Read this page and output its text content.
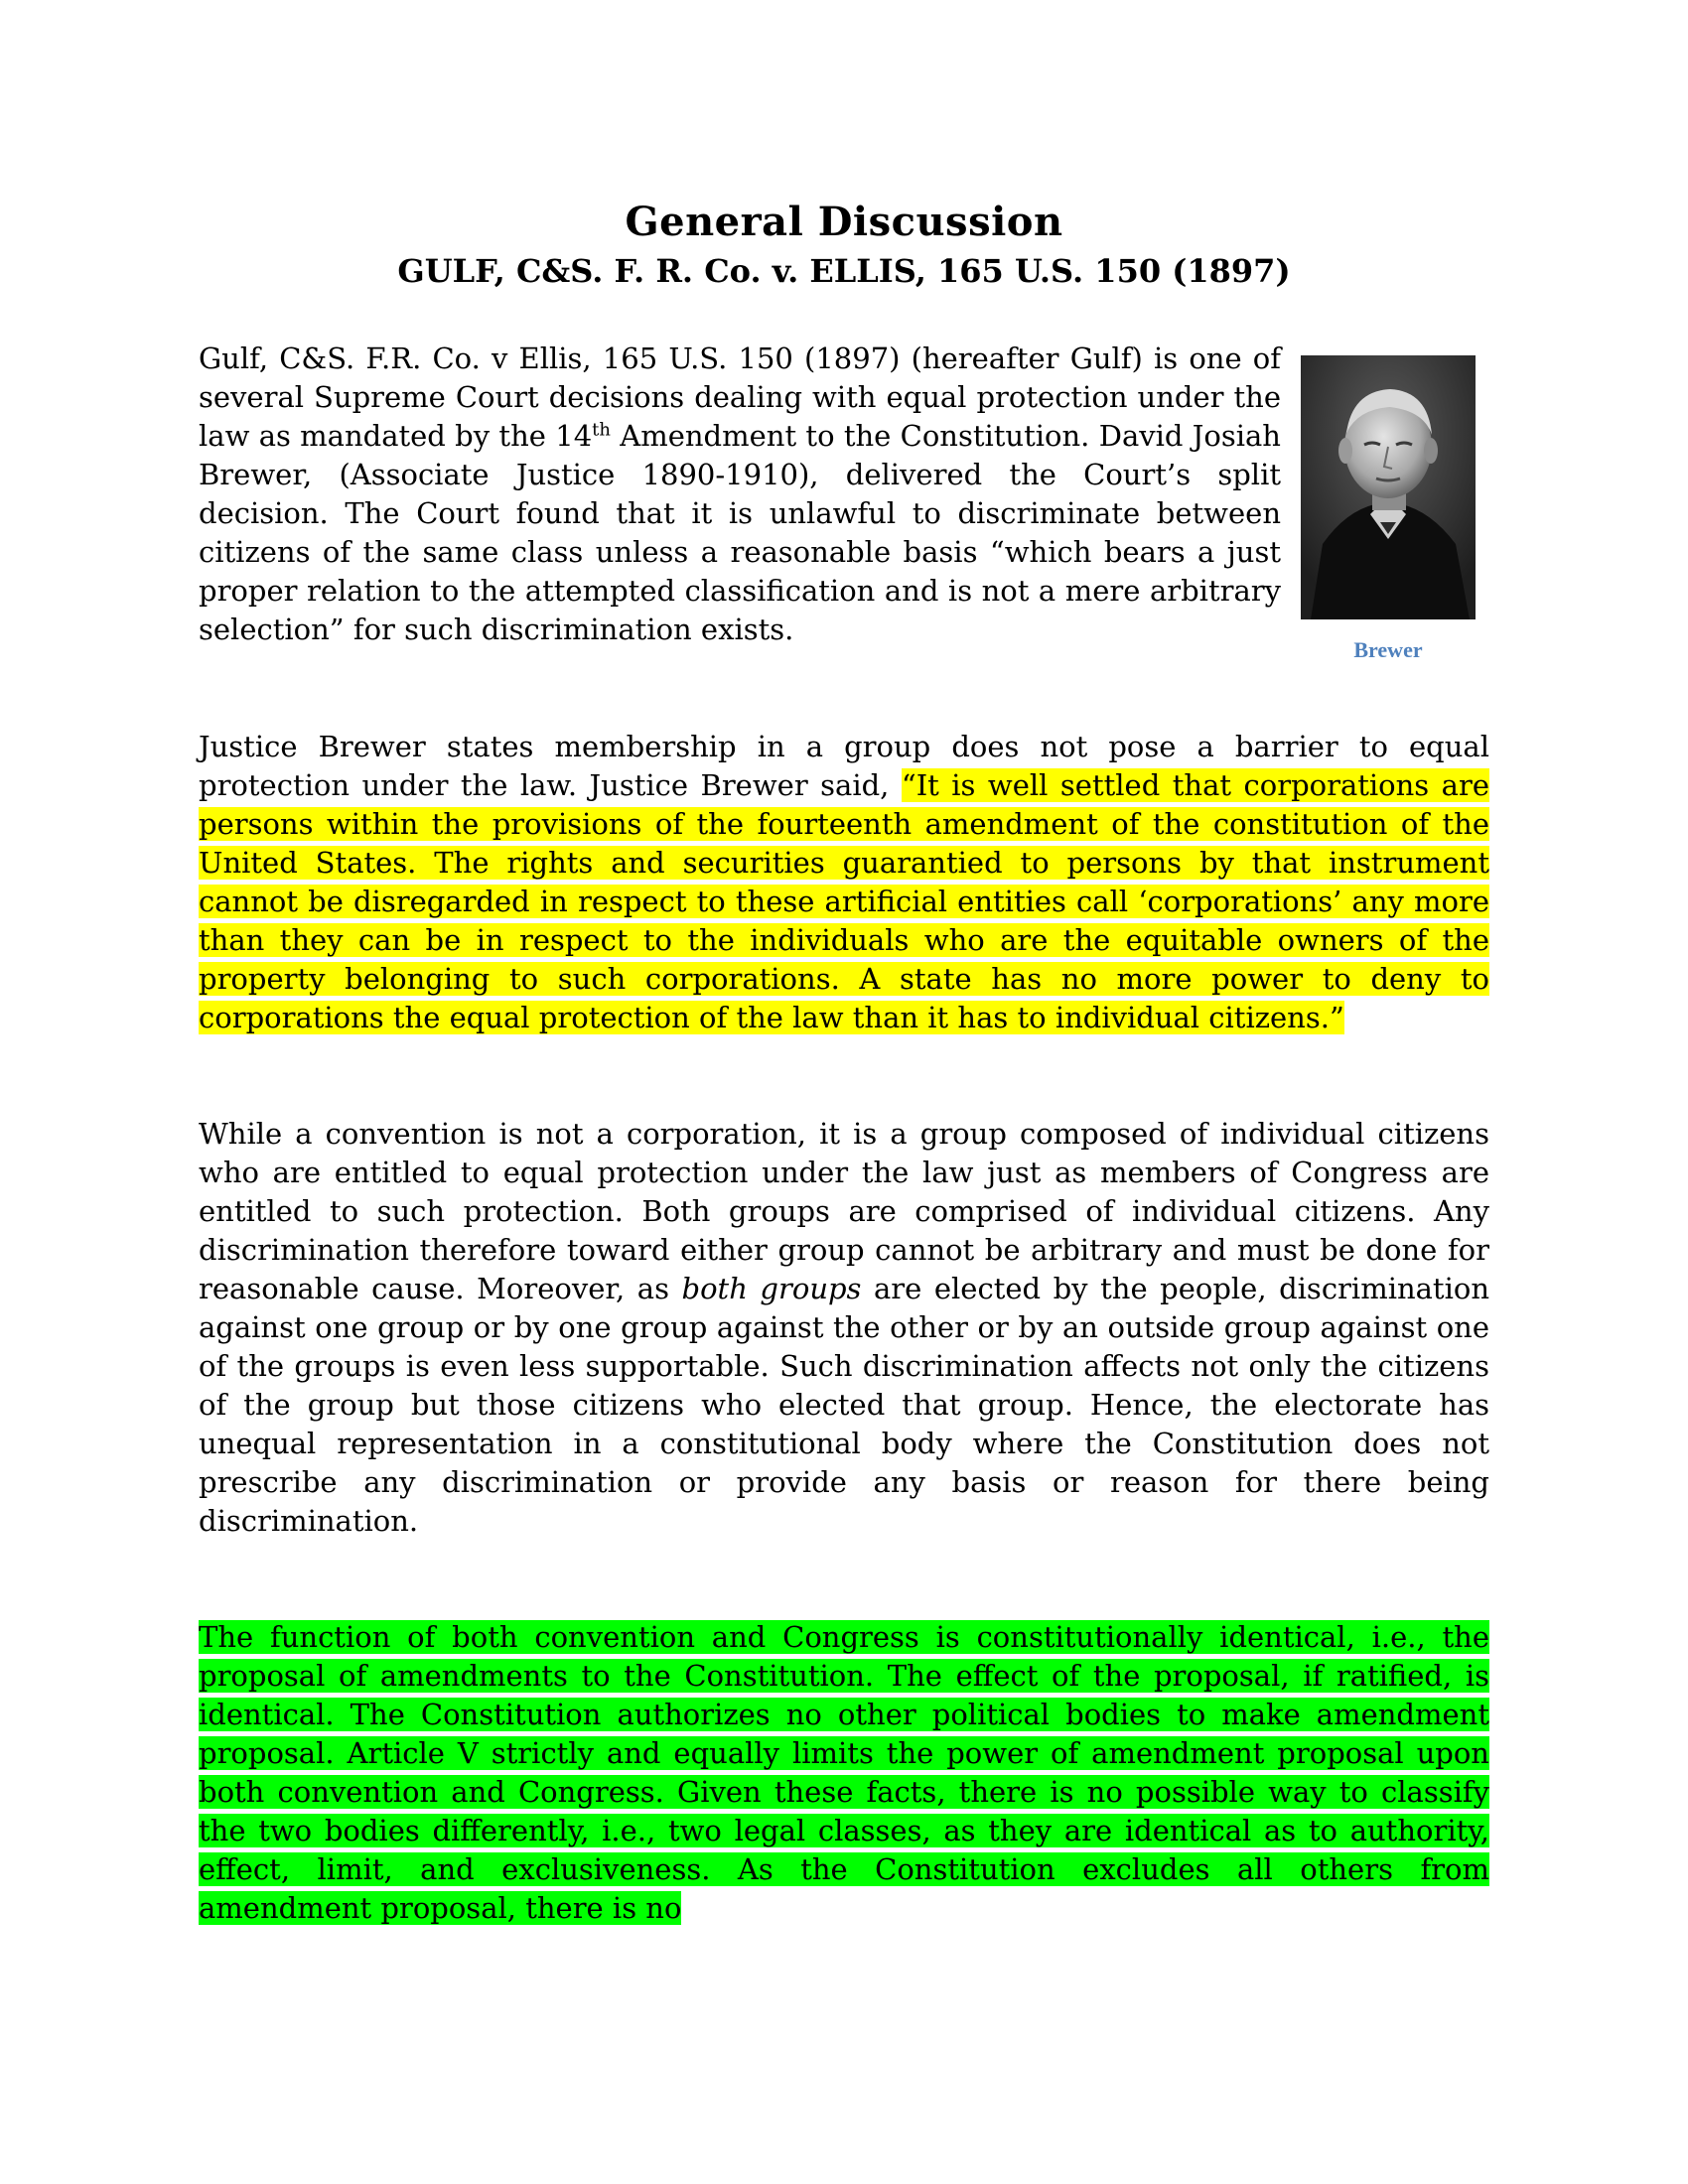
General Discussion
GULF, C&S. F. R. Co. v. ELLIS, 165 U.S. 150 (1897)

Gulf, C&S. F.R. Co. v Ellis, 165 U.S. 150 (1897) (hereafter Gulf) is one of several Supreme Court decisions dealing with equal protection under the law as mandated by the 14th Amendment to the Constitution. David Josiah Brewer, (Associate Justice 1890-1910), delivered the Court’s split decision. The Court found that it is unlawful to discriminate between citizens of the same class unless a reasonable basis “which bears a just proper relation to the attempted classification and is not a mere arbitrary selection” for such discrimination exists.

Brewer

Justice Brewer states membership in a group does not pose a barrier to equal protection under the law. Justice Brewer said, “It is well settled that corporations are persons within the provisions of the fourteenth amendment of the constitution of the United States. The rights and securities guarantied to persons by that instrument cannot be disregarded in respect to these artificial entities call ‘corporations’ any more than they can be in respect to the individuals who are the equitable owners of the property belonging to such corporations. A state has no more power to deny to corporations the equal protection of the law than it has to individual citizens.”

While a convention is not a corporation, it is a group composed of individual citizens who are entitled to equal protection under the law just as members of Congress are entitled to such protection. Both groups are comprised of individual citizens. Any discrimination therefore toward either group cannot be arbitrary and must be done for reasonable cause. Moreover, as both groups are elected by the people, discrimination against one group or by one group against the other or by an outside group against one of the groups is even less supportable. Such discrimination affects not only the citizens of the group but those citizens who elected that group. Hence, the electorate has unequal representation in a constitutional body where the Constitution does not prescribe any discrimination or provide any basis or reason for there being discrimination.

The function of both convention and Congress is constitutionally identical, i.e., the proposal of amendments to the Constitution. The effect of the proposal, if ratified, is identical. The Constitution authorizes no other political bodies to make amendment proposal. Article V strictly and equally limits the power of amendment proposal upon both convention and Congress. Given these facts, there is no possible way to classify the two bodies differently, i.e., two legal classes, as they are identical as to authority, effect, limit, and exclusiveness. As the Constitution excludes all others from amendment proposal, there is no
